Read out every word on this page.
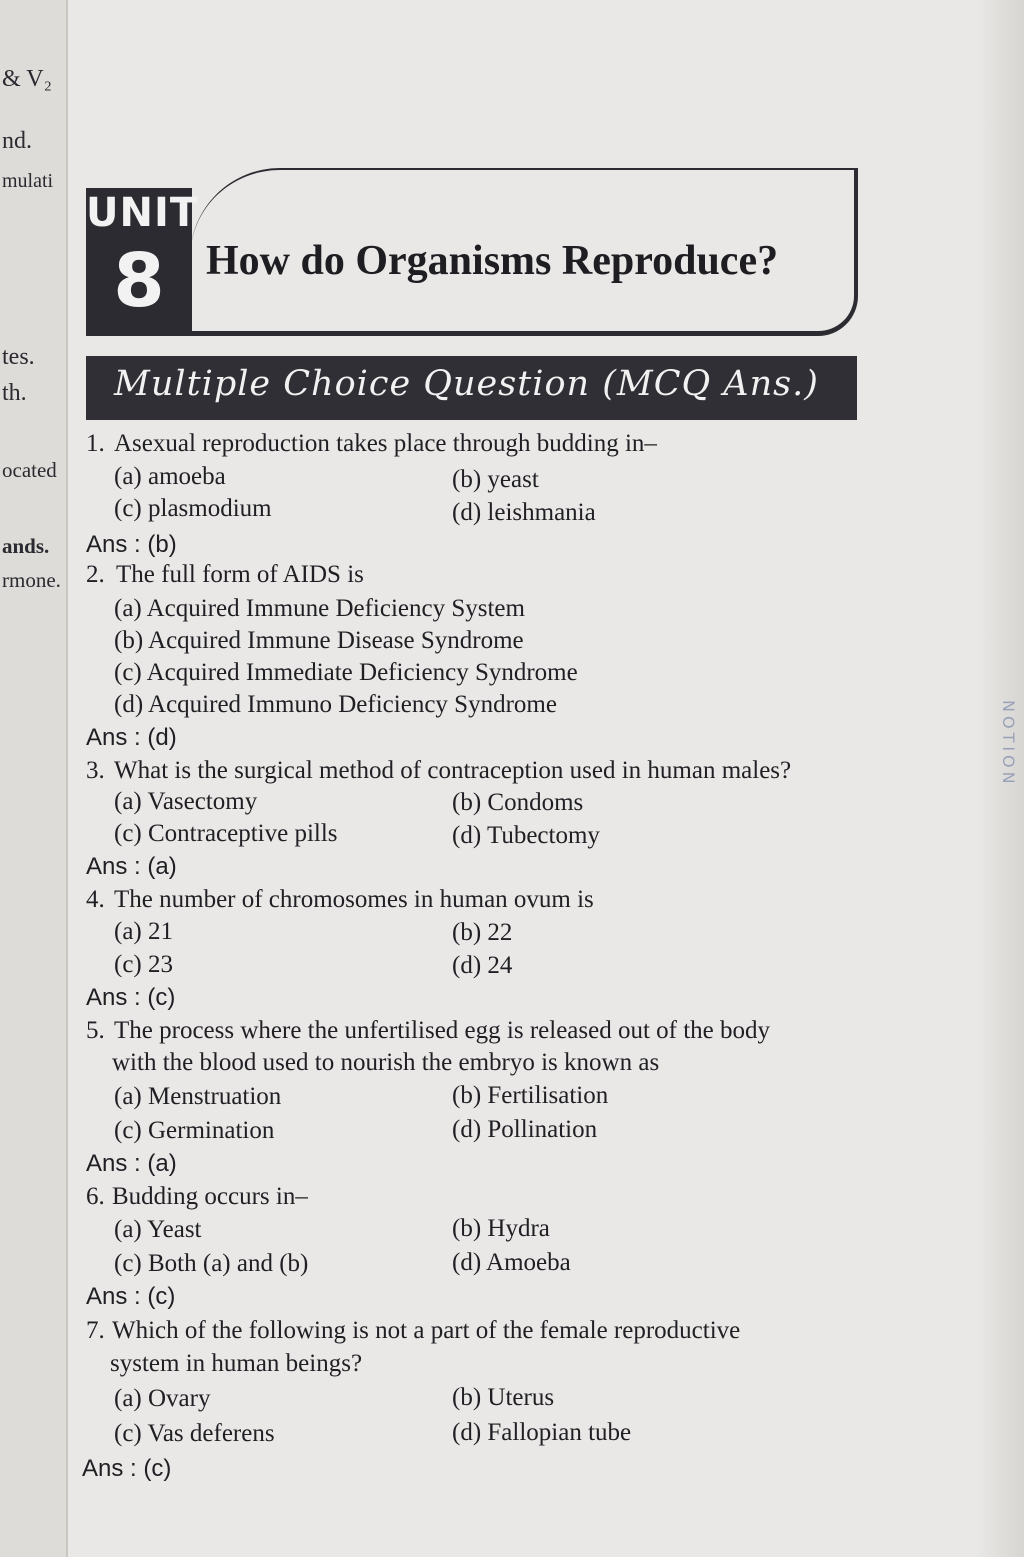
& V₂
nd.
mulati
tes.
th.
ocated
ands.
rmone.
NOTION
UNIT
8 How do Organisms Reproduce?
Multiple Choice Question (MCQ Ans.)
1. Asexual reproduction takes place through budding in–
(a) amoeba	(b) yeast
(c) plasmodium	(d) leishmania
Ans : (b)
2. The full form of AIDS is
(a) Acquired Immune Deficiency System
(b) Acquired Immune Disease Syndrome
(c) Acquired Immediate Deficiency Syndrome
(d) Acquired Immuno Deficiency Syndrome
Ans : (d)
3. What is the surgical method of contraception used in human males?
(a) Vasectomy	(b) Condoms
(c) Contraceptive pills	(d) Tubectomy
Ans : (a)
4. The number of chromosomes in human ovum is
(a) 21	(b) 22
(c) 23	(d) 24
Ans : (c)
5. The process where the unfertilised egg is released out of the body
with the blood used to nourish the embryo is known as
(a) Menstruation	(b) Fertilisation
(c) Germination	(d) Pollination
Ans : (a)
6. Budding occurs in–
(a) Yeast	(b) Hydra
(c) Both (a) and (b)	(d) Amoeba
Ans : (c)
7. Which of the following is not a part of the female reproductive
system in human beings?
(a) Ovary	(b) Uterus
(c) Vas deferens	(d) Fallopian tube
Ans : (c)
